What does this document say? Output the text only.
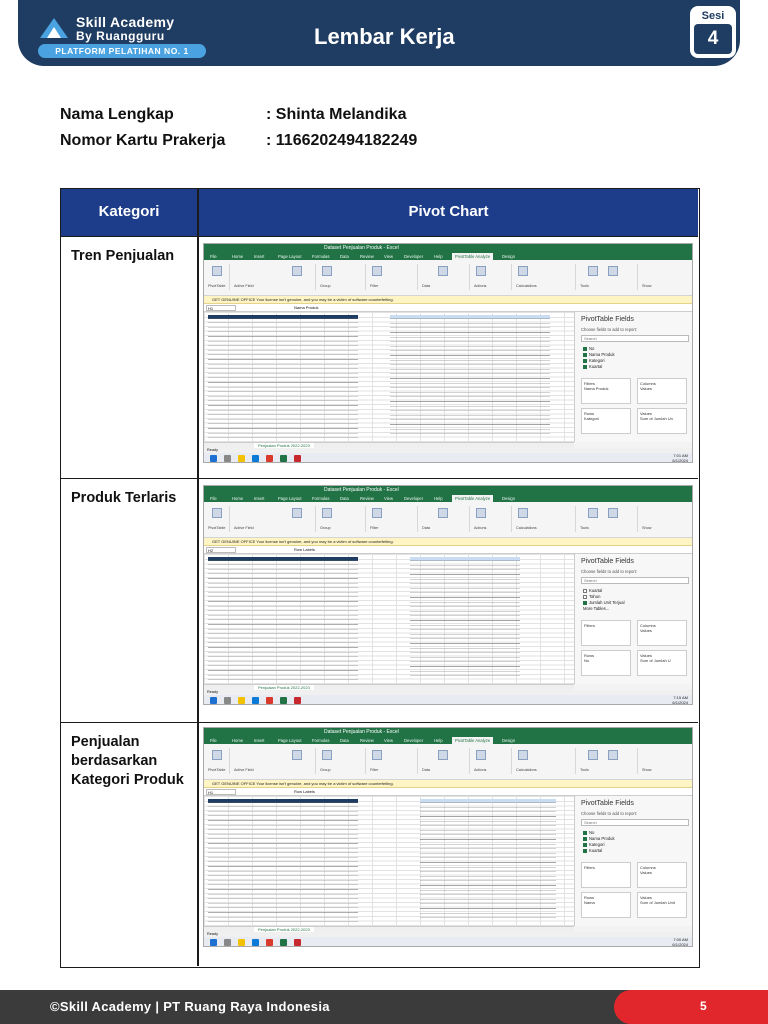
Skill Academy
By Ruangguru
PLATFORM PELATIHAN NO. 1
Lembar Kerja
Sesi
4
Nama Lengkap	: Shinta Melandika
Nomor Kartu Prakerja	: 1166202494182249
Kategori	Pivot Chart
Tren Penjualan	Dataset Penjualan Produk - Excel
File	Home	Insert	Page Layout Formulas	Data	Review View	Developer	Help	PivotTable Analyze	Design
PivotTable Active Field	Group	Filter	Data	Actions	Calculations	Tools	Show
GET GENUINE OFFICE Your license isn't genuine, and you may be a victim of software counterfeiting.
H1	Nama Produk
PivotTable Fields
Choose fields to add to report:
Search
No
Nama Produk
Kategori
Kuartal
Filters
Nama Produk
Columns
Values
Rows
Kategori
Values
Sum of Jumlah Un
Penjualan Produk 2022-2023
Ready
7:01 AM
6/1/2024
Produk Terlaris	Dataset Penjualan Produk - Excel
File	Home	Insert	Page Layout Formulas	Data	Review View	Developer	Help	PivotTable Analyze	Design
PivotTable Active Field	Group	Filter	Data	Actions	Calculations	Tools	Show
GET GENUINE OFFICE Your license isn't genuine, and you may be a victim of software counterfeiting.
H2	Row Labels
PivotTable Fields
Choose fields to add to report:
Search
Kuartal
Tahun
Jumlah Unit Terjual
More Tables...
Filters	Columns
Values
Rows
No
Values
Sum of Jumlah U
Penjualan Produk 2022-2023
Ready
7:15 AM
6/1/2024
Penjualan berdasarkan Kategori Produk
Dataset Penjualan Produk - Excel
File	Home	Insert	Page Layout Formulas	Data	Review View	Developer	Help	PivotTable Analyze	Design
PivotTable Active Field	Group	Filter	Data	Actions	Calculations	Tools	Show
GET GENUINE OFFICE Your license isn't genuine, and you may be a victim of software counterfeiting.
H1	Row Labels
PivotTable Fields
Choose fields to add to report:
Search
No
Nama Produk
Kategori
Kuartal
Filters	Columns
Values
Rows
Nama
Values
Sum of Jumlah Unit
Penjualan Produk 2022-2023
Ready
7:00 AM
6/1/2024
©Skill Academy | PT Ruang Raya Indonesia	5
